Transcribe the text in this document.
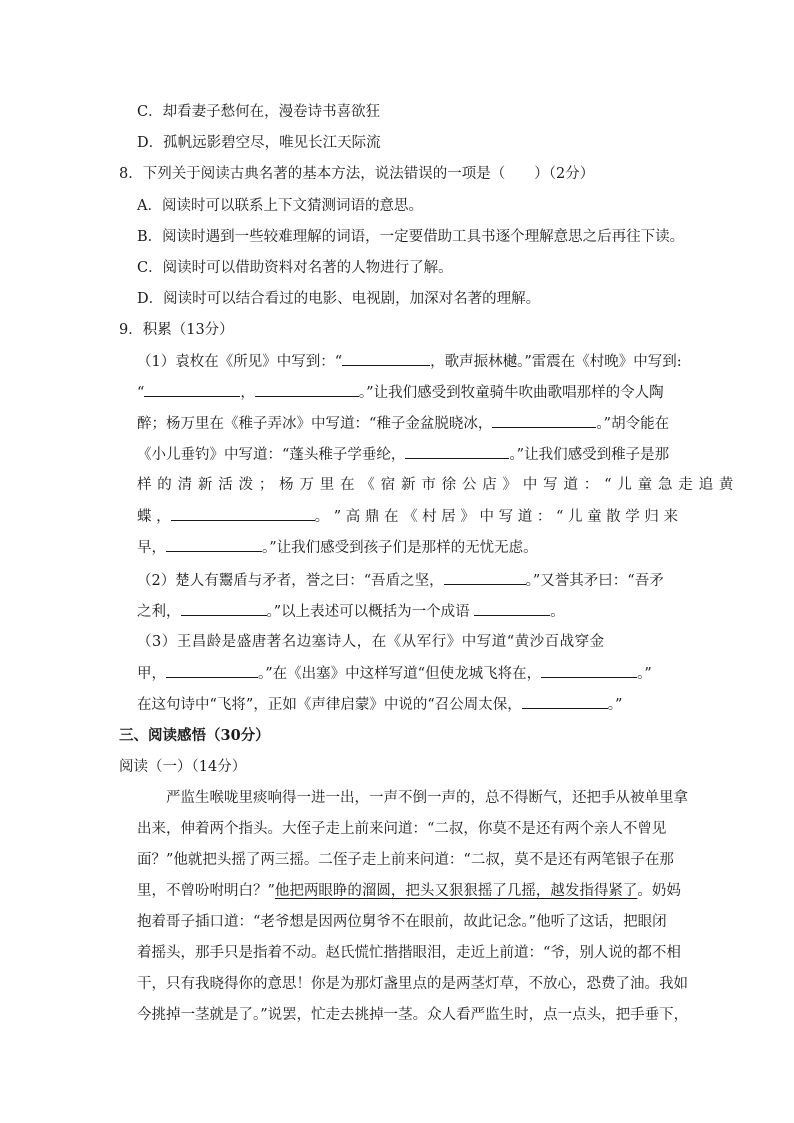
C．却看妻子愁何在，漫卷诗书喜欲狂
D．孤帆远影碧空尽，唯见长江天际流
8．下列关于阅读古典名著的基本方法，说法错误的一项是（　　）（2分）
A．阅读时可以联系上下文猜测词语的意思。
B．阅读时遇到一些较难理解的词语，一定要借助工具书逐个理解意思之后再往下读。
C．阅读时可以借助资料对名著的人物进行了解。
D．阅读时可以结合看过的电影、电视剧，加深对名著的理解。
9．积累（13分）
（1）袁枚在《所见》中写到：“	，歌声振林樾。”雷震在《村晚》中写到:
“	，	。”让我们感受到牧童骑牛吹曲歌唱那样的令人陶
醉；杨万里在《稚子弄冰》中写道：“稚子金盆脱晓冰，	。”胡令能在
《小儿垂钓》中写道：“蓬头稚子学垂纶，	。”让我们感受到稚子是那
样 的 清 新 活 泼 ； 杨 万 里 在 《 宿 新 市 徐 公 店 》 中 写 道 ： “ 儿 童 急 走 追 黄
蝶 ，	。 ” 高 鼎 在 《 村 居 》 中 写 道 ： “ 儿 童 散 学 归 来
早，	。”让我们感受到孩子们是那样的无忧无虑。
（2）楚人有鬻盾与矛者，誉之曰：“吾盾之坚，	。”又誉其矛曰：“吾矛
之利，	。”以上表述可以概括为一个成语	。
（3）王昌龄是盛唐著名边塞诗人，在《从军行》中写道“黄沙百战穿金
甲，	。”在《出塞》中这样写道“但使龙城飞将在，	。”
在这句诗中“飞将”，正如《声律启蒙》中说的“召公周太保，	。”
三、阅读感悟（30分）
阅读（一）（14分）
严监生喉咙里痰响得一进一出，一声不倒一声的，总不得断气，还把手从被单里拿
出来，伸着两个指头。大侄子走上前来问道：“二叔，你莫不是还有两个亲人不曾见
面？”他就把头摇了两三摇。二侄子走上前来问道：“二叔，莫不是还有两笔银子在那
里，不曾吩咐明白？”他把两眼睁的溜圆，把头又狠狠摇了几摇，越发指得紧了。奶妈
抱着哥子插口道：“老爷想是因两位舅爷不在眼前，故此记念。”他听了这话，把眼闭
着摇头，那手只是指着不动。赵氏慌忙揩揩眼泪，走近上前道：“爷，别人说的都不相
干，只有我晓得你的意思！你是为那灯盏里点的是两茎灯草，不放心，恐费了油。我如
今挑掉一茎就是了。”说罢，忙走去挑掉一茎。众人看严监生时，点一点头，把手垂下，
